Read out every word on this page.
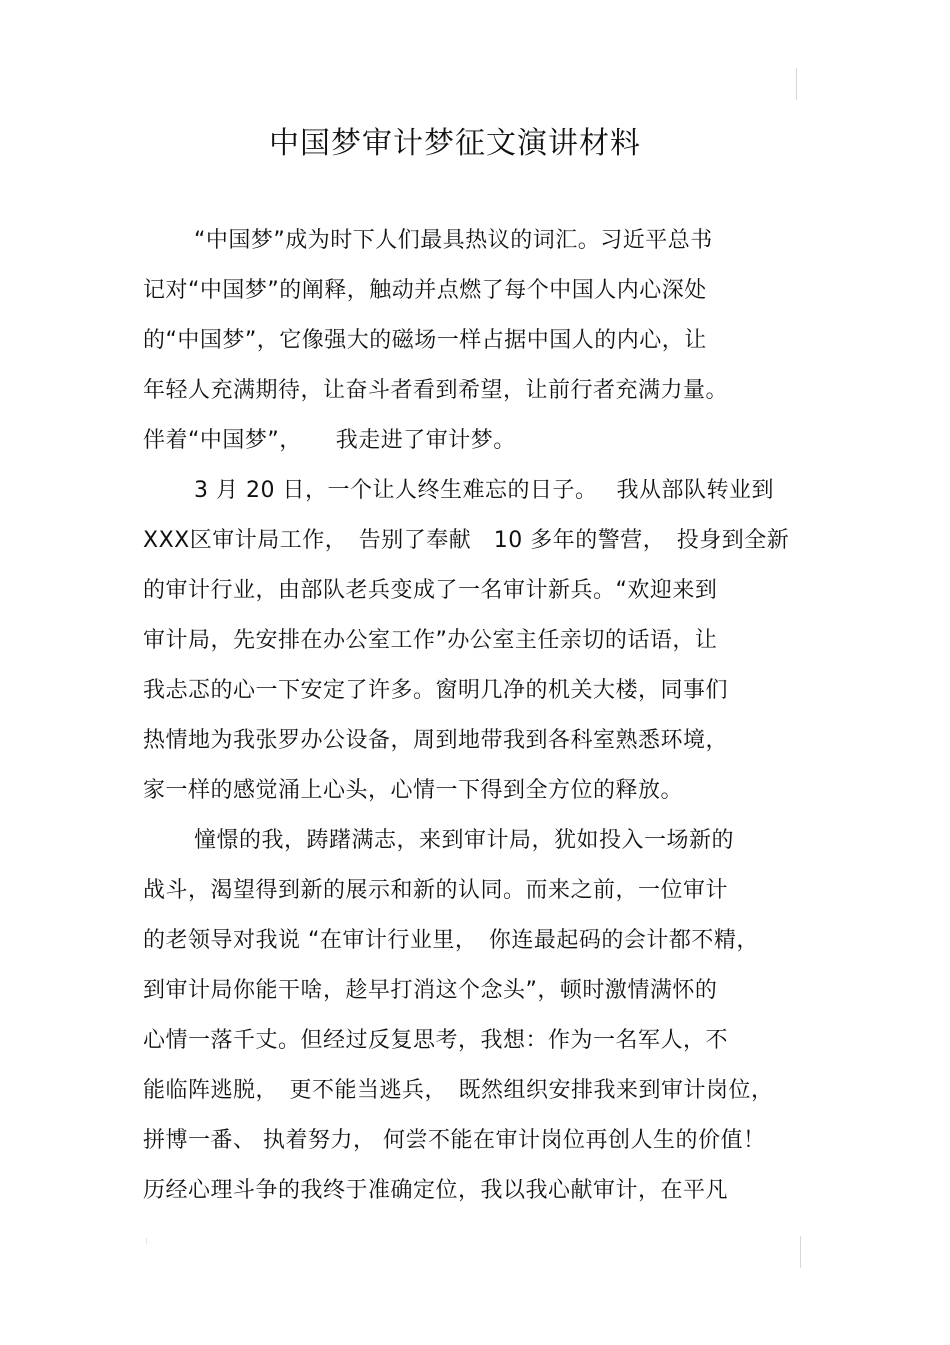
中国梦审计梦征文演讲材料
“中国梦”成为时下人们最具热议的词汇。习近平总书
记对“中国梦”的阐释，触动并点燃了每个中国人内心深处
的“中国梦”，它像强大的磁场一样占据中国人的内心，让
年轻人充满期待，让奋斗者看到希望，让前行者充满力量。
伴着“中国梦”，　　我走进了审计梦。
3 月 20 日，一个让人终生难忘的日子。　 我从部队转业到
XXX区审计局工作，　告别了奉献　10 多年的警营，　投身到全新
的审计行业，由部队老兵变成了一名审计新兵。“欢迎来到
审计局，先安排在办公室工作”办公室主任亲切的话语，让
我忐忑的心一下安定了许多。窗明几净的机关大楼，同事们
热情地为我张罗办公设备，周到地带我到各科室熟悉环境，
家一样的感觉涌上心头，心情一下得到全方位的释放。
憧憬的我，踌躇满志，来到审计局，犹如投入一场新的
战斗，渴望得到新的展示和新的认同。而来之前，一位审计
的老领导对我说 “在审计行业里，　你连最起码的会计都不精，
到审计局你能干啥，趁早打消这个念头”，顿时激情满怀的
心情一落千丈。但经过反复思考，我想：作为一名军人，不
能临阵逃脱，　更不能当逃兵，　既然组织安排我来到审计岗位，
拼博一番、 执着努力， 何尝不能在审计岗位再创人生的价值！
历经心理斗争的我终于准确定位，我以我心献审计，在平凡
